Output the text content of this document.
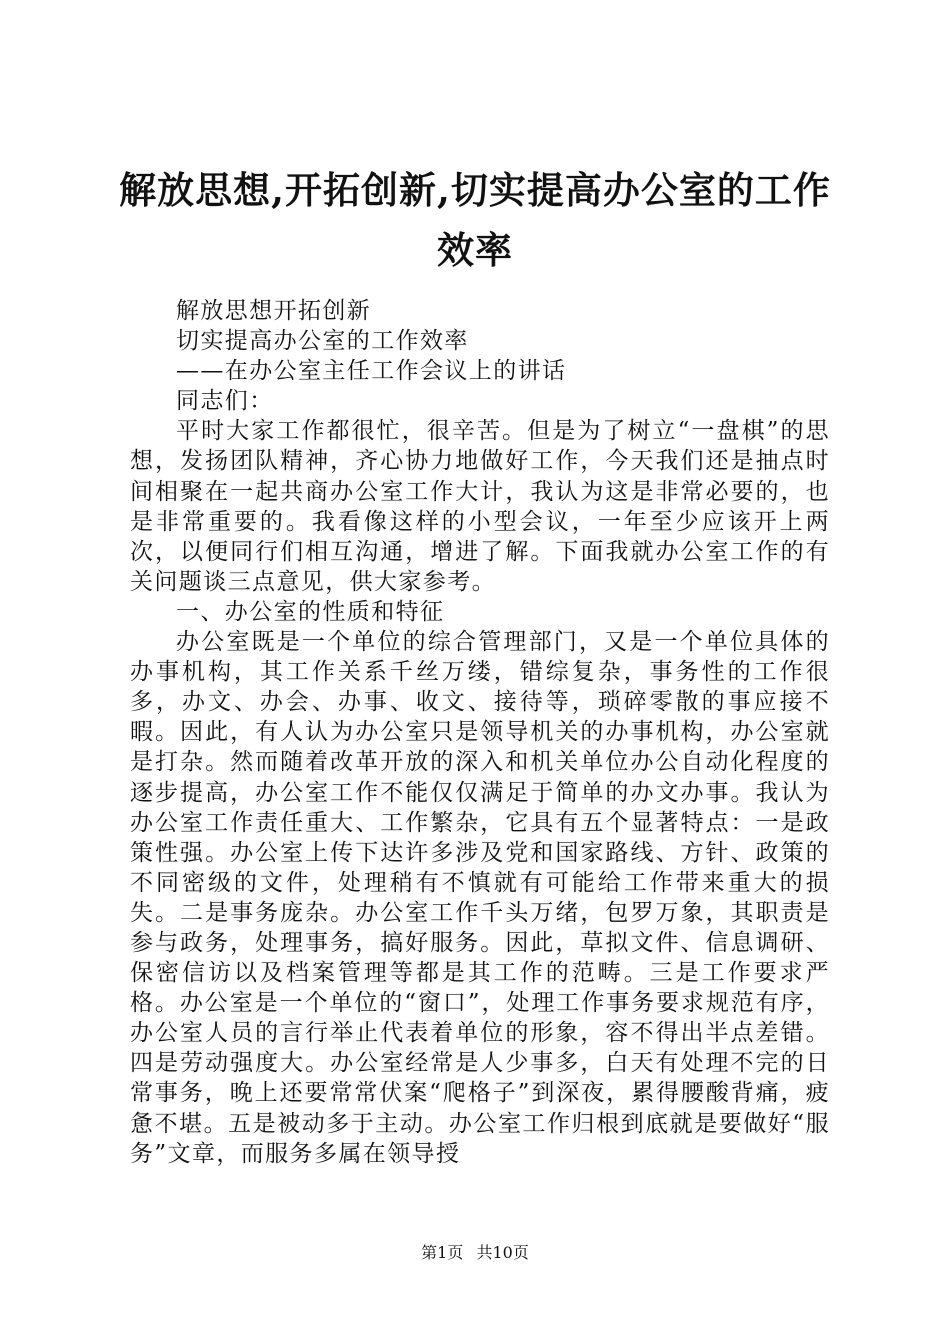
解放思想,开拓创新,切实提高办公室的工作效率

解放思想开拓创新

切实提高办公室的工作效率

——在办公室主任工作会议上的讲话

同志们：

平时大家工作都很忙，很辛苦。但是为了树立“一盘棋”的思想，发扬团队精神，齐心协力地做好工作，今天我们还是抽点时间相聚在一起共商办公室工作大计，我认为这是非常必要的，也是非常重要的。我看像这样的小型会议，一年至少应该开上两次，以便同行们相互沟通，增进了解。下面我就办公室工作的有关问题谈三点意见，供大家参考。

一、办公室的性质和特征

办公室既是一个单位的综合管理部门，又是一个单位具体的办事机构，其工作关系千丝万缕，错综复杂，事务性的工作很多，办文、办会、办事、收文、接待等，琐碎零散的事应接不暇。因此，有人认为办公室只是领导机关的办事机构，办公室就是打杂。然而随着改革开放的深入和机关单位办公自动化程度的逐步提高，办公室工作不能仅仅满足于简单的办文办事。我认为办公室工作责任重大、工作繁杂，它具有五个显著特点：一是政策性强。办公室上传下达许多涉及党和国家路线、方针、政策的不同密级的文件，处理稍有不慎就有可能给工作带来重大的损失。二是事务庞杂。办公室工作千头万绪，包罗万象，其职责是参与政务，处理事务，搞好服务。因此，草拟文件、信息调研、保密信访以及档案管理等都是其工作的范畴。三是工作要求严格。办公室是一个单位的“窗口”，处理工作事务要求规范有序，办公室人员的言行举止代表着单位的形象，容不得出半点差错。四是劳动强度大。办公室经常是人少事多，白天有处理不完的日常事务，晚上还要常常伏案“爬格子”到深夜，累得腰酸背痛，疲惫不堪。五是被动多于主动。办公室工作归根到底就是要做好“服务”文章，而服务多属在领导授

第1页 共10页
